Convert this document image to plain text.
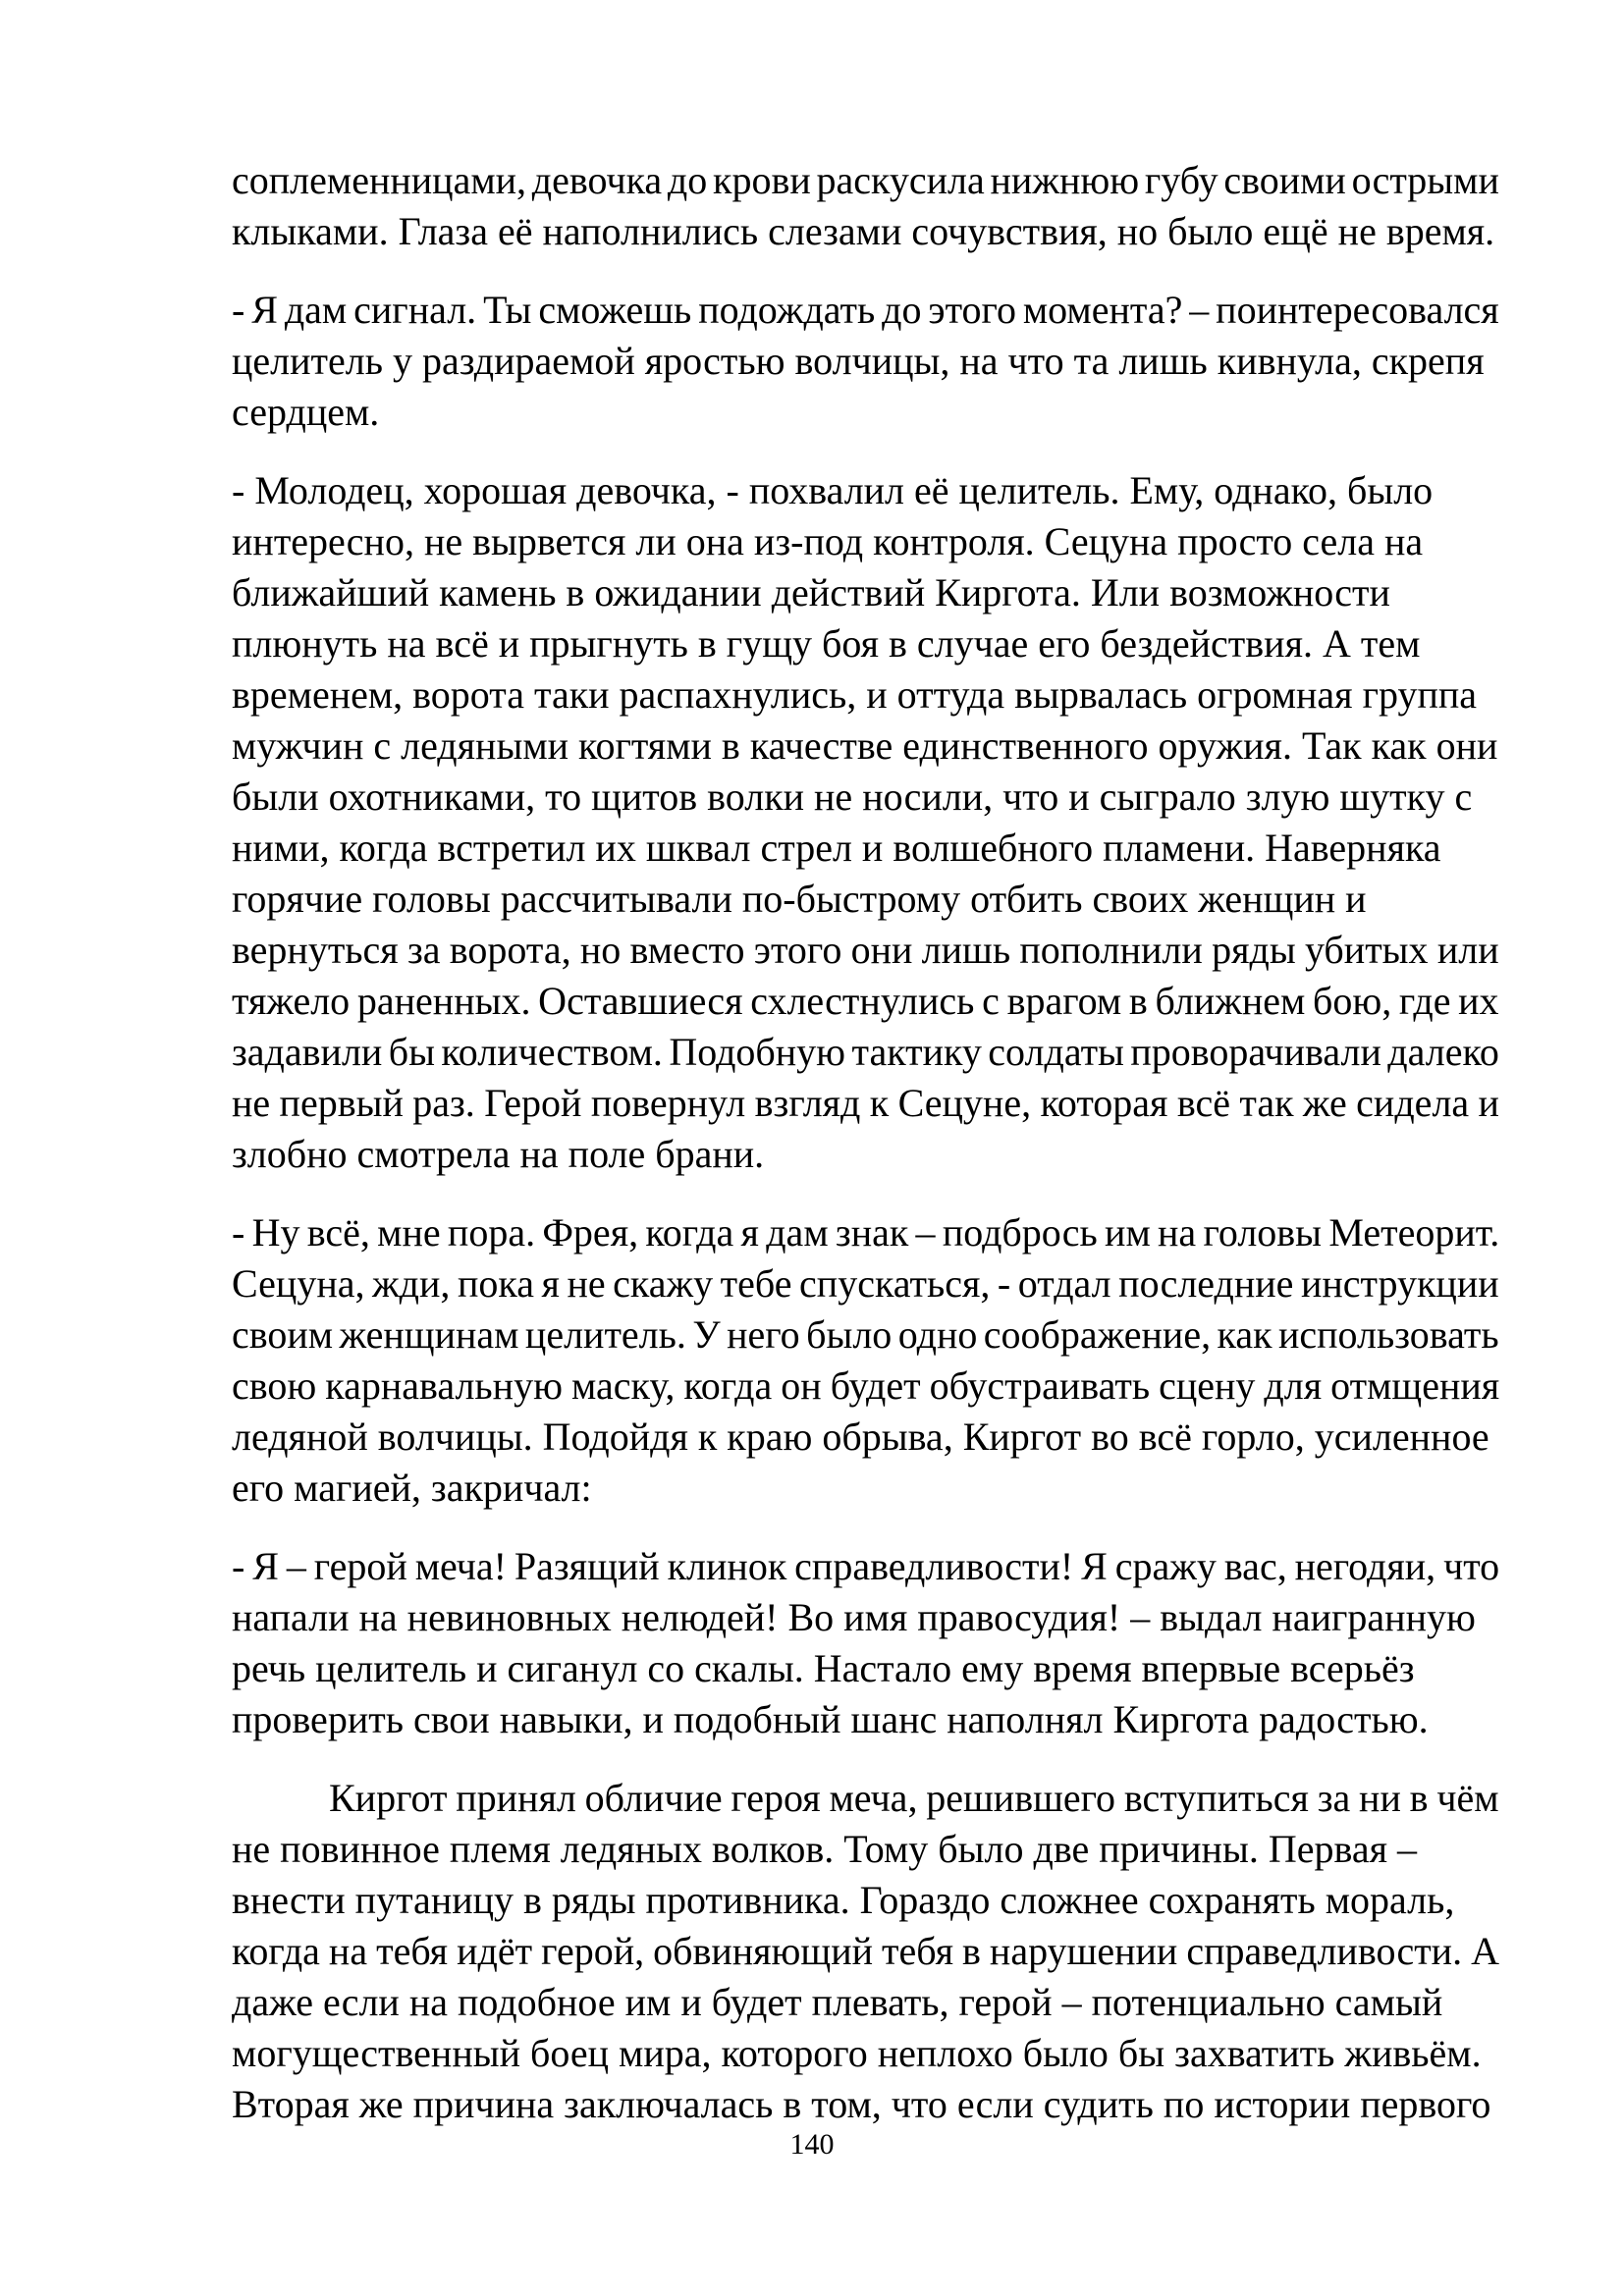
соплеменницами, девочка до крови раскусила нижнюю губу своими острыми
клыками. Глаза её наполнились слезами сочувствия, но было ещё не время.
- Я дам сигнал. Ты сможешь подождать до этого момента? – поинтересовался
целитель у раздираемой яростью волчицы, на что та лишь кивнула, скрепя
сердцем.
- Молодец, хорошая девочка, - похвалил её целитель. Ему, однако, было
интересно, не вырвется ли она из-под контроля. Сецуна просто села на
ближайший камень в ожидании действий Киргота. Или возможности
плюнуть на всё и прыгнуть в гущу боя в случае его бездействия. А тем
временем, ворота таки распахнулись, и оттуда вырвалась огромная группа
мужчин с ледяными когтями в качестве единственного оружия. Так как они
были охотниками, то щитов волки не носили, что и сыграло злую шутку с
ними, когда встретил их шквал стрел и волшебного пламени. Наверняка
горячие головы рассчитывали по-быстрому отбить своих женщин и
вернуться за ворота, но вместо этого они лишь пополнили ряды убитых или
тяжело раненных. Оставшиеся схлестнулись с врагом в ближнем бою, где их
задавили бы количеством. Подобную тактику солдаты проворачивали далеко
не первый раз. Герой повернул взгляд к Сецуне, которая всё так же сидела и
злобно смотрела на поле брани.
- Ну всё, мне пора. Фрея, когда я дам знак – подбрось им на головы Метеорит.
Сецуна, жди, пока я не скажу тебе спускаться, - отдал последние инструкции
своим женщинам целитель. У него было одно соображение, как использовать
свою карнавальную маску, когда он будет обустраивать сцену для отмщения
ледяной волчицы. Подойдя к краю обрыва, Киргот во всё горло, усиленное
его магией, закричал:
- Я – герой меча! Разящий клинок справедливости! Я сражу вас, негодяи, что
напали на невиновных нелюдей! Во имя правосудия! – выдал наигранную
речь целитель и сиганул со скалы. Настало ему время впервые всерьёз
проверить свои навыки, и подобный шанс наполнял Киргота радостью.
Киргот принял обличие героя меча, решившего вступиться за ни в чём
не повинное племя ледяных волков. Тому было две причины. Первая –
внести путаницу в ряды противника. Гораздо сложнее сохранять мораль,
когда на тебя идёт герой, обвиняющий тебя в нарушении справедливости. А
даже если на подобное им и будет плевать, герой – потенциально самый
могущественный боец мира, которого неплохо было бы захватить живьём.
Вторая же причина заключалась в том, что если судить по истории первого
140
